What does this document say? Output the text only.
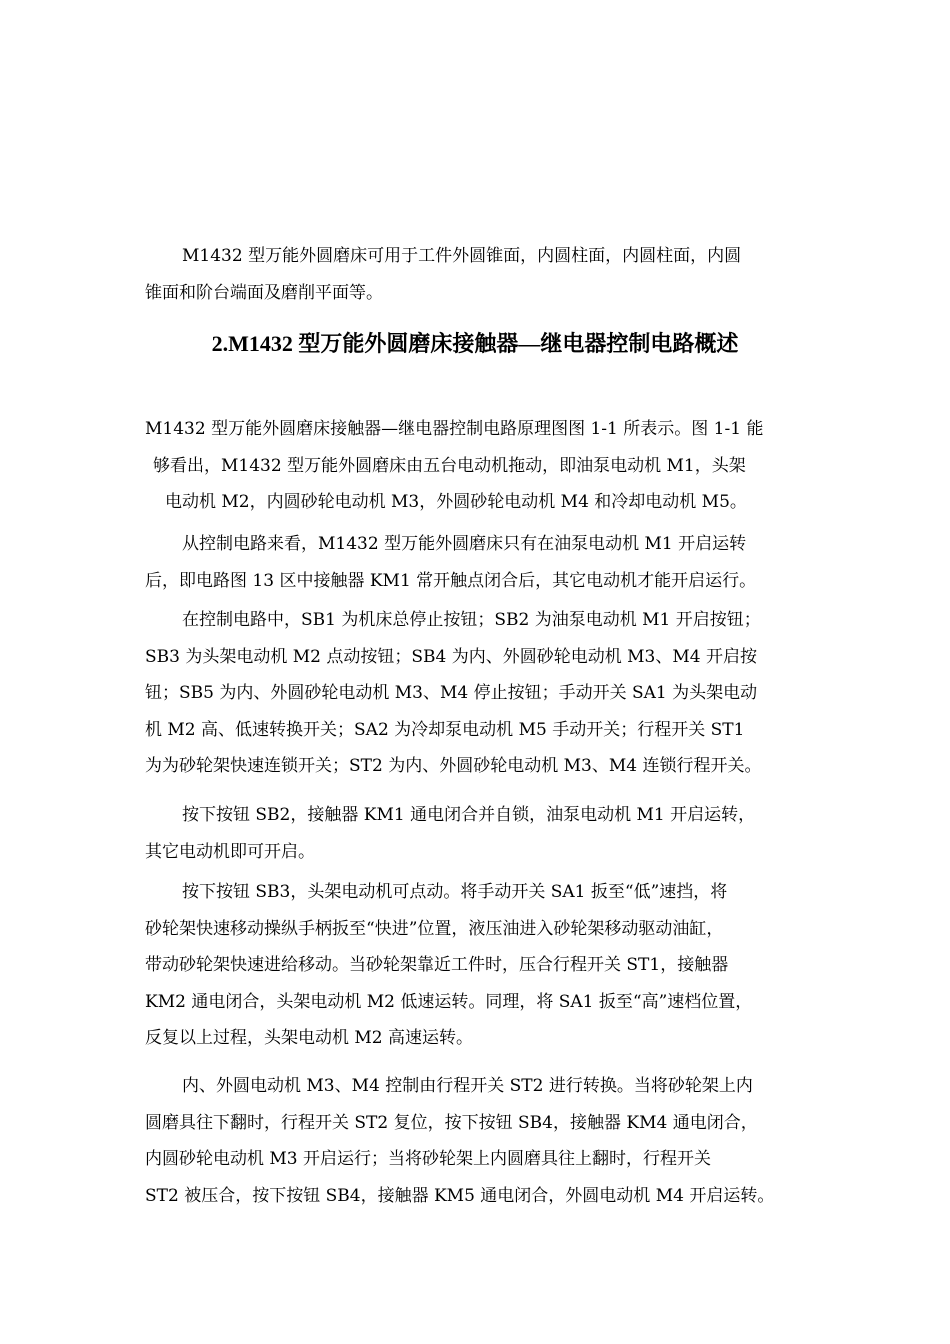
M1432 型万能外圆磨床可用于工件外圆锥面，内圆柱面，内圆柱面，内圆
锥面和阶台端面及磨削平面等。
2.M1432 型万能外圆磨床接触器—继电器控制电路概述
M1432 型万能外圆磨床接触器—继电器控制电路原理图图 1-1 所表示。图 1-1 能
够看出，M1432 型万能外圆磨床由五台电动机拖动，即油泵电动机 M1，头架
电动机 M2，内圆砂轮电动机 M3，外圆砂轮电动机 M4 和冷却电动机 M5。
从控制电路来看，M1432 型万能外圆磨床只有在油泵电动机 M1 开启运转
后，即电路图 13 区中接触器 KM1 常开触点闭合后，其它电动机才能开启运行。
在控制电路中，SB1 为机床总停止按钮；SB2 为油泵电动机 M1 开启按钮；
SB3 为头架电动机 M2 点动按钮；SB4 为内、外圆砂轮电动机 M3、M4 开启按
钮；SB5 为内、外圆砂轮电动机 M3、M4 停止按钮；手动开关 SA1 为头架电动
机 M2 高、低速转换开关；SA2 为冷却泵电动机 M5 手动开关；行程开关 ST1
为为砂轮架快速连锁开关；ST2 为内、外圆砂轮电动机 M3、M4 连锁行程开关。
按下按钮 SB2，接触器 KM1 通电闭合并自锁，油泵电动机 M1 开启运转，
其它电动机即可开启。
按下按钮 SB3，头架电动机可点动。将手动开关 SA1 扳至“低”速挡，将
砂轮架快速移动操纵手柄扳至“快进”位置，液压油进入砂轮架移动驱动油缸，
带动砂轮架快速进给移动。当砂轮架靠近工件时，压合行程开关 ST1，接触器
KM2 通电闭合，头架电动机 M2 低速运转。同理，将 SA1 扳至“高”速档位置，
反复以上过程，头架电动机 M2 高速运转。
内、外圆电动机 M3、M4 控制由行程开关 ST2 进行转换。当将砂轮架上内
圆磨具往下翻时，行程开关 ST2 复位，按下按钮 SB4，接触器 KM4 通电闭合，
内圆砂轮电动机 M3 开启运行；当将砂轮架上内圆磨具往上翻时，行程开关
ST2 被压合，按下按钮 SB4，接触器 KM5 通电闭合，外圆电动机 M4 开启运转。
